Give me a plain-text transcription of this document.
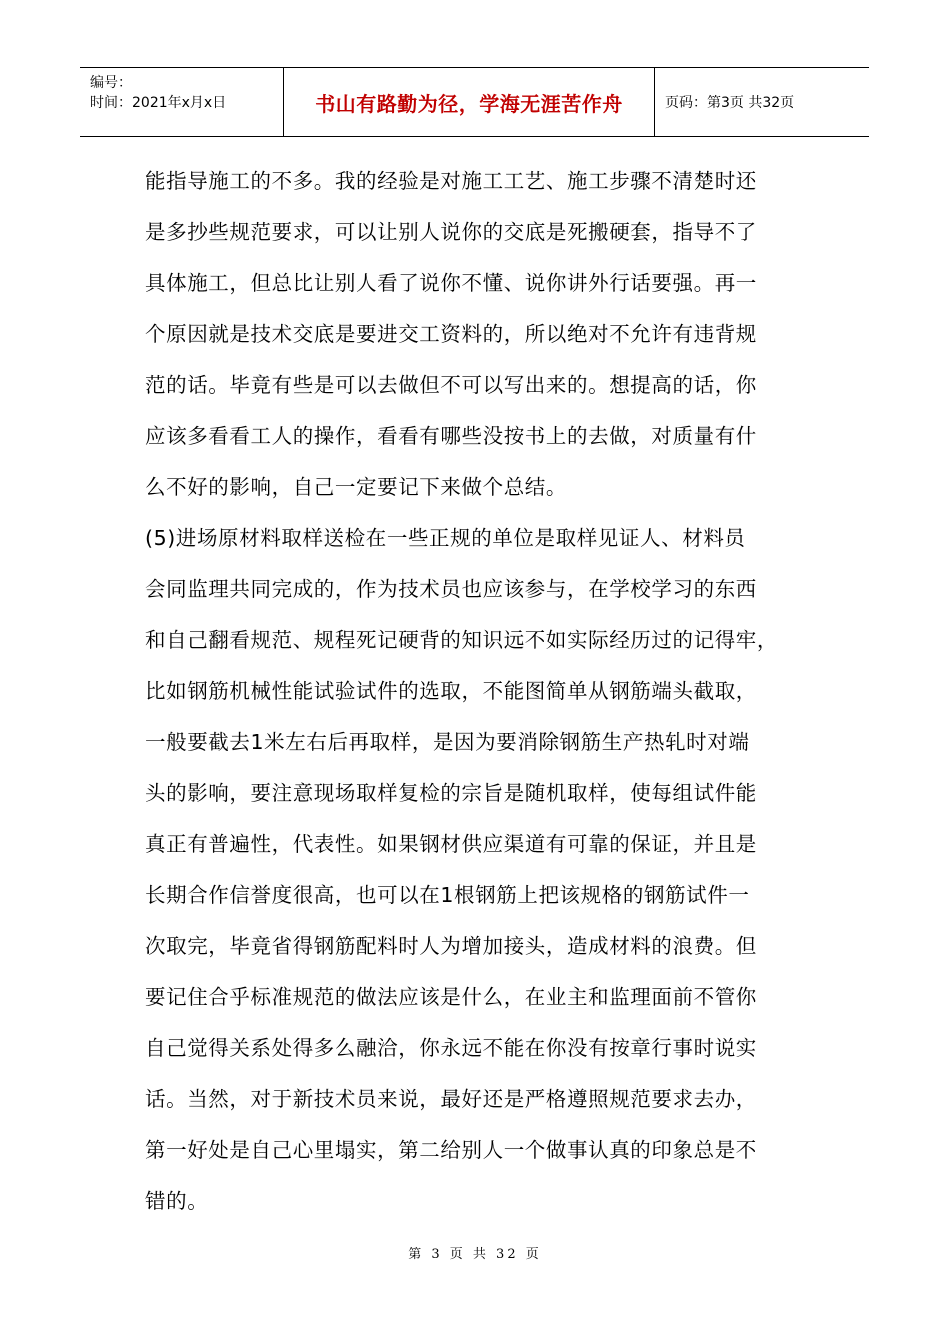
编号：
时间：2021年x月x日	书山有路勤为径，学海无涯苦作舟	页码：第3页 共32页
能指导施工的不多。我的经验是对施工工艺、施工步骤不清楚时还
是多抄些规范要求，可以让别人说你的交底是死搬硬套，指导不了
具体施工，但总比让别人看了说你不懂、说你讲外行话要强。再一
个原因就是技术交底是要进交工资料的，所以绝对不允许有违背规
范的话。毕竟有些是可以去做但不可以写出来的。想提高的话，你
应该多看看工人的操作，看看有哪些没按书上的去做，对质量有什
么不好的影响，自己一定要记下来做个总结。
(5)进场原材料取样送检在一些正规的单位是取样见证人、材料员
会同监理共同完成的，作为技术员也应该参与，在学校学习的东西
和自己翻看规范、规程死记硬背的知识远不如实际经历过的记得牢，
比如钢筋机械性能试验试件的选取，不能图简单从钢筋端头截取，
一般要截去1米左右后再取样，是因为要消除钢筋生产热轧时对端
头的影响，要注意现场取样复检的宗旨是随机取样，使每组试件能
真正有普遍性，代表性。如果钢材供应渠道有可靠的保证，并且是
长期合作信誉度很高，也可以在1根钢筋上把该规格的钢筋试件一
次取完，毕竟省得钢筋配料时人为增加接头，造成材料的浪费。但
要记住合乎标准规范的做法应该是什么，在业主和监理面前不管你
自己觉得关系处得多么融洽，你永远不能在你没有按章行事时说实
话。当然，对于新技术员来说，最好还是严格遵照规范要求去办，
第一好处是自己心里塌实，第二给别人一个做事认真的印象总是不
错的。
第 3 页 共 32 页
